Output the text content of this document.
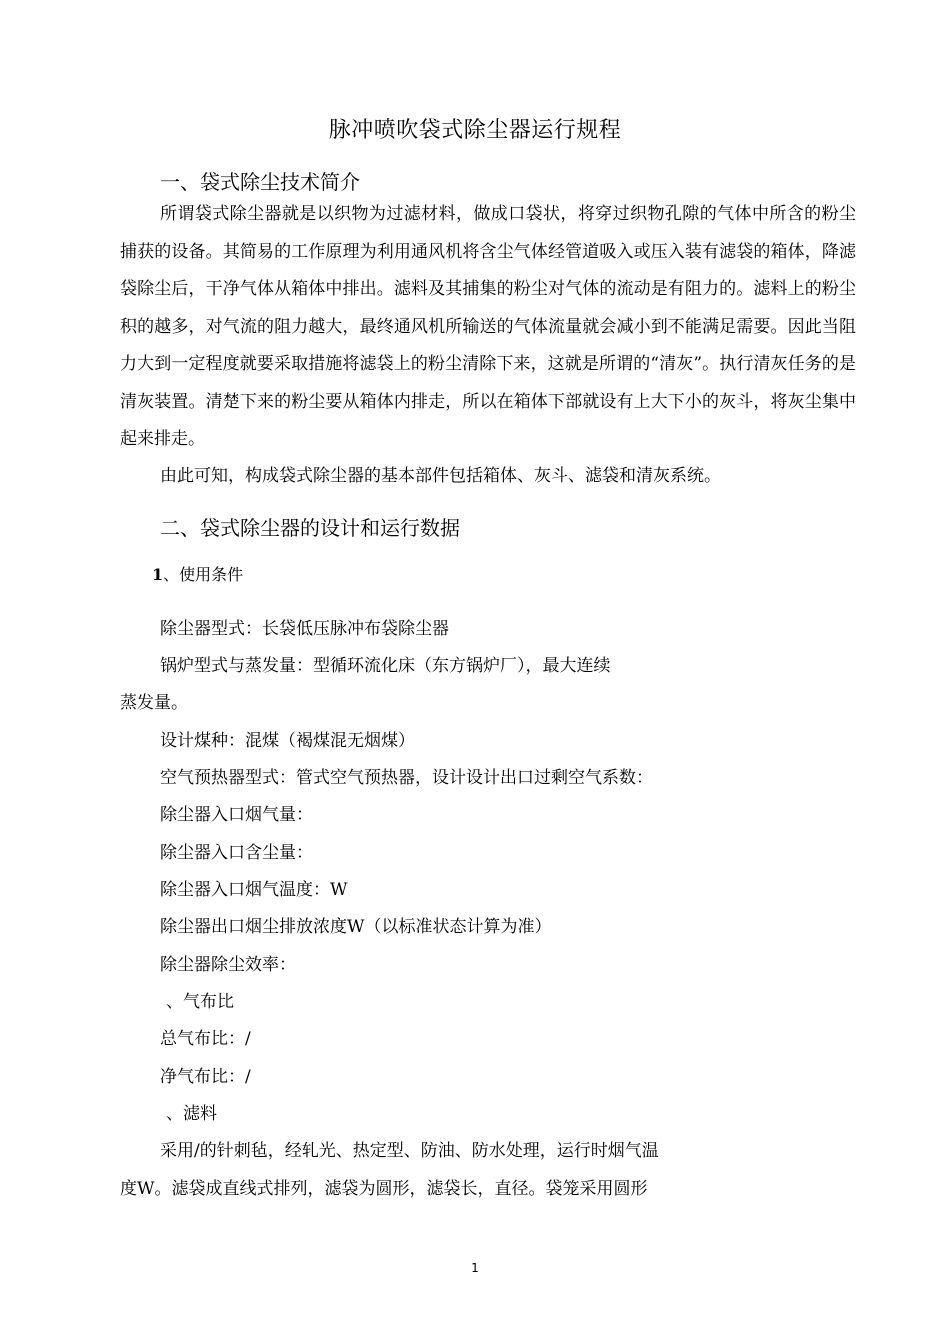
脉冲喷吹袋式除尘器运行规程
一、袋式除尘技术简介
所谓袋式除尘器就是以织物为过滤材料，做成口袋状，将穿过织物孔隙的气体中所含的粉尘捕获的设备。其简易的工作原理为利用通风机将含尘气体经管道吸入或压入装有滤袋的箱体，降滤袋除尘后，干净气体从箱体中排出。滤料及其捕集的粉尘对气体的流动是有阻力的。滤料上的粉尘积的越多，对气流的阻力越大，最终通风机所输送的气体流量就会减小到不能满足需要。因此当阻力大到一定程度就要采取措施将滤袋上的粉尘清除下来，这就是所谓的“清灰”。执行清灰任务的是清灰装置。清楚下来的粉尘要从箱体内排走，所以在箱体下部就设有上大下小的灰斗，将灰尘集中起来排走。
由此可知，构成袋式除尘器的基本部件包括箱体、灰斗、滤袋和清灰系统。
二、袋式除尘器的设计和运行数据
1、使用条件
除尘器型式：长袋低压脉冲布袋除尘器
锅炉型式与蒸发量：型循环流化床（东方锅炉厂），最大连续
蒸发量。
设计煤种：混煤（褐煤混无烟煤）
空气预热器型式：管式空气预热器，设计设计出口过剩空气系数：
除尘器入口烟气量：
除尘器入口含尘量：
除尘器入口烟气温度：W
除尘器出口烟尘排放浓度W（以标准状态计算为准）
除尘器除尘效率：
、气布比
总气布比：/
净气布比：/
、滤料
采用/的针刺毡，经轧光、热定型、防油、防水处理，运行时烟气温
度W。滤袋成直线式排列，滤袋为圆形，滤袋长，直径。袋笼采用圆形
1
